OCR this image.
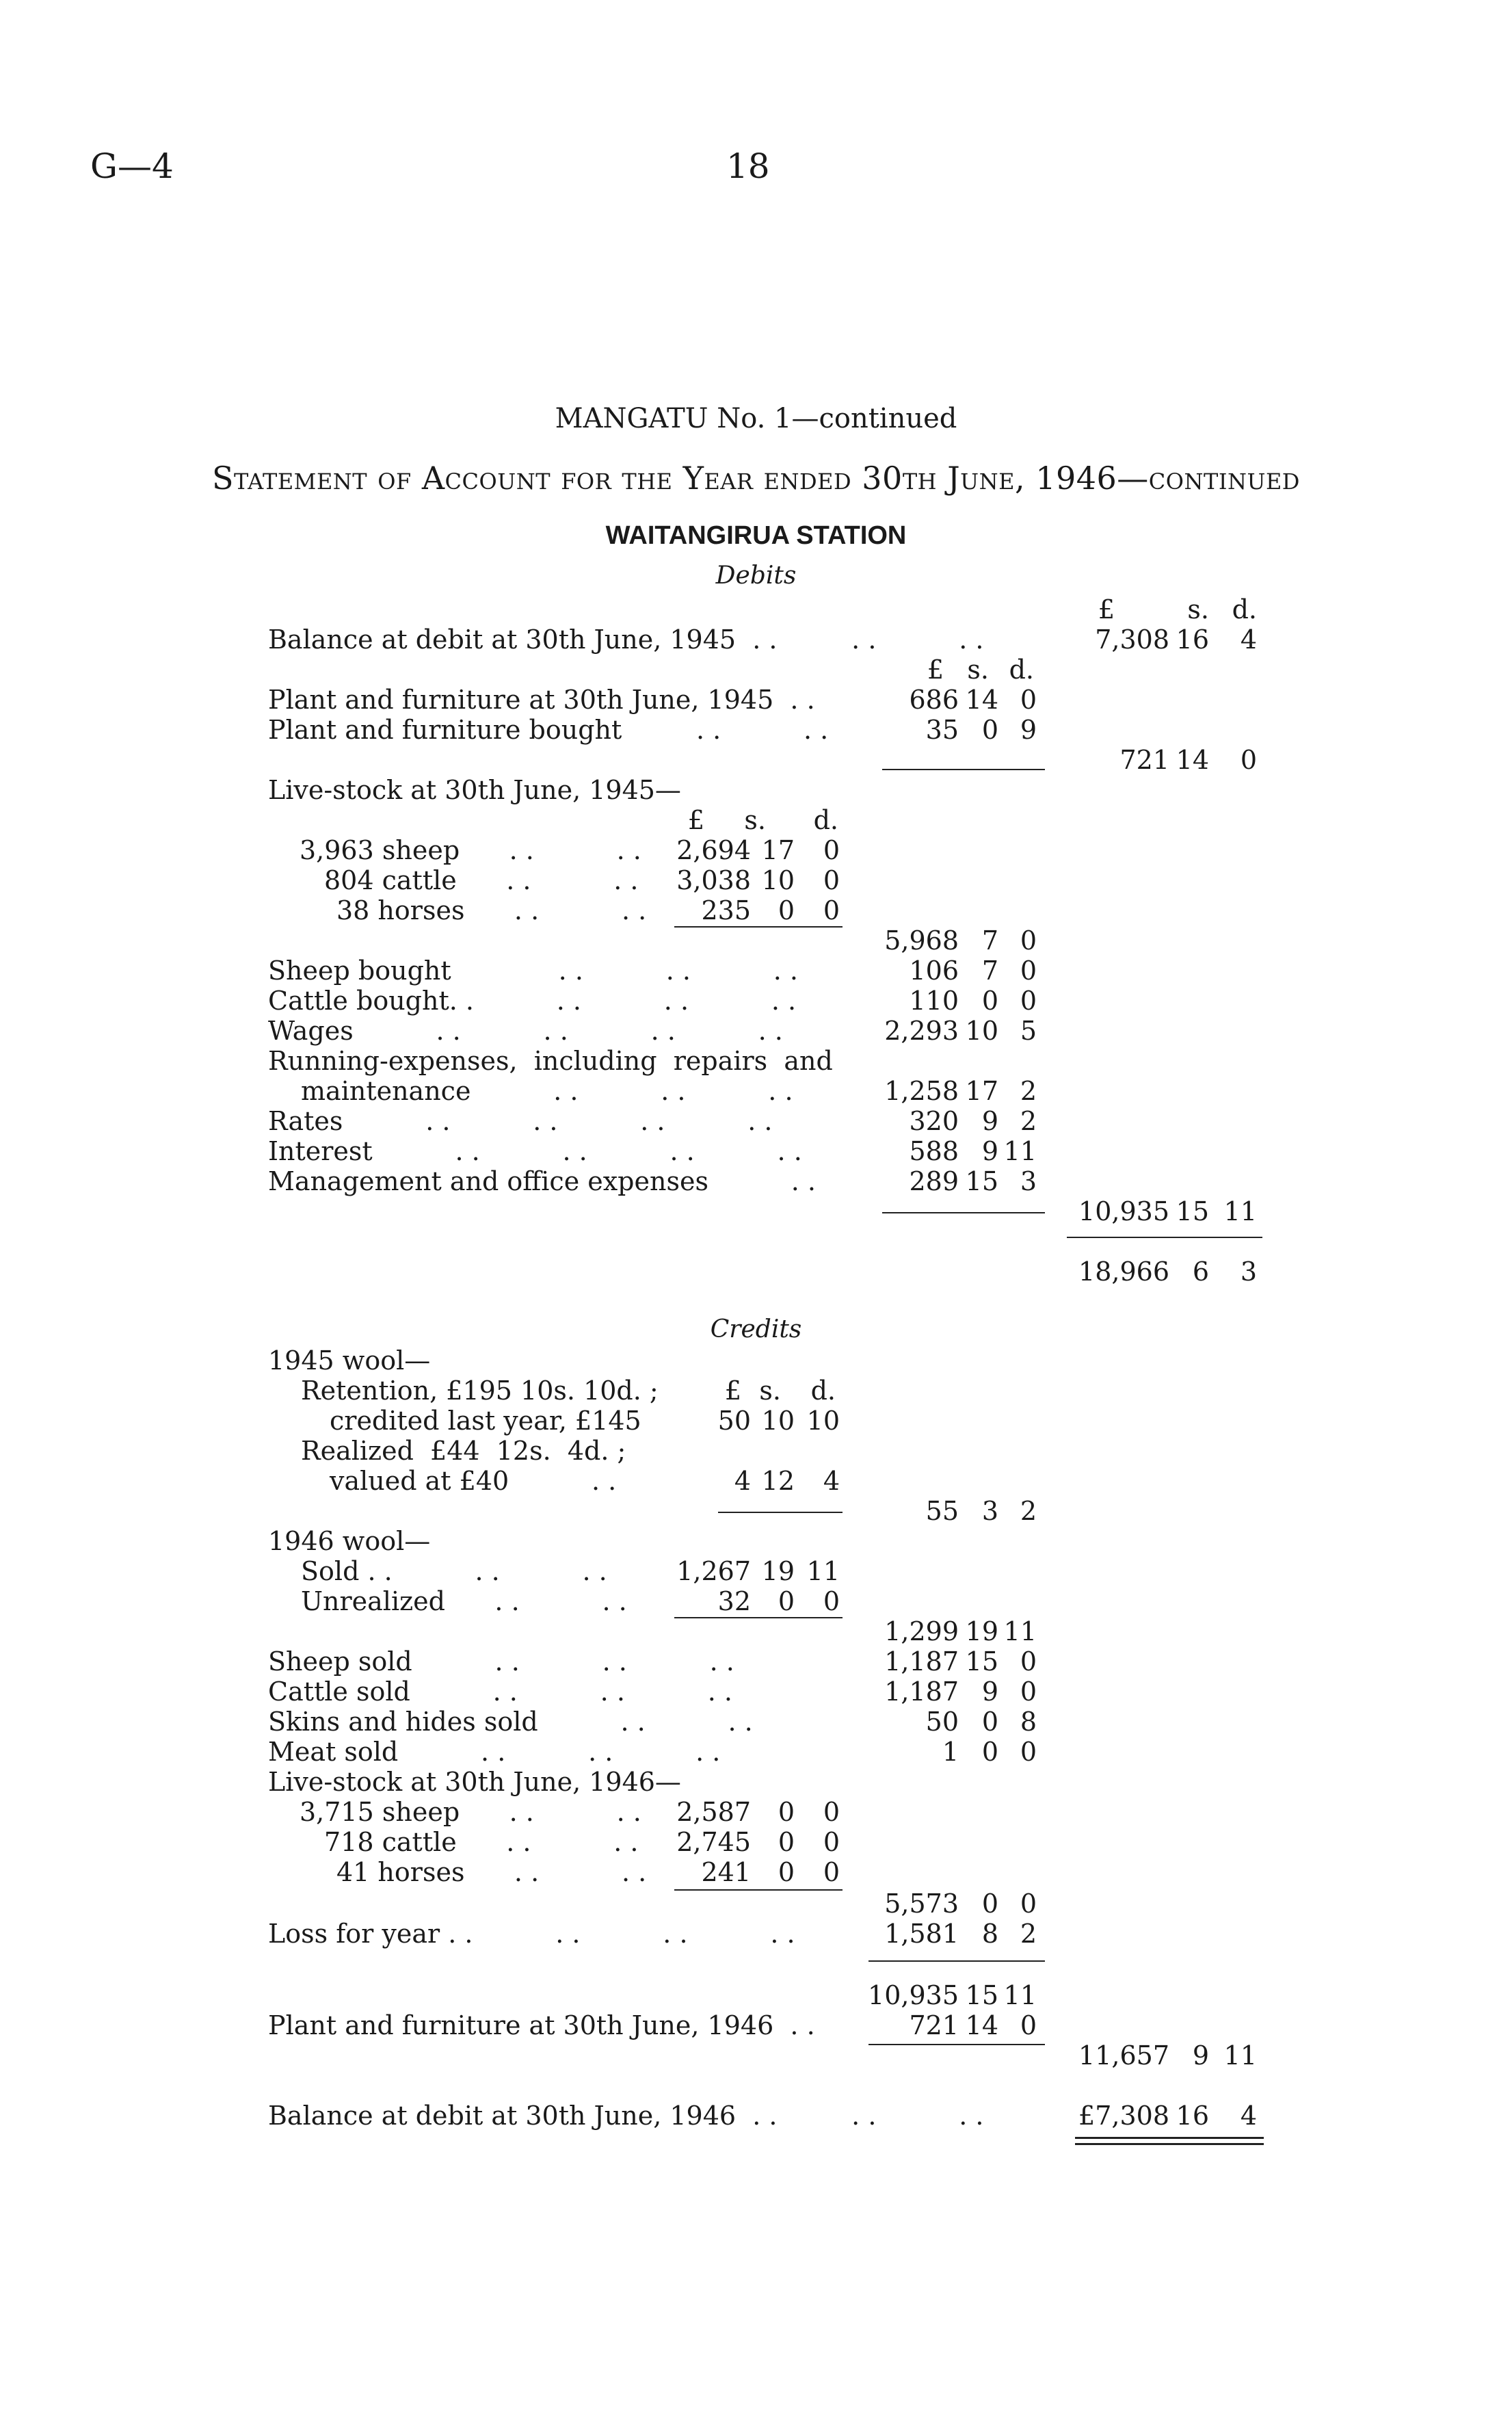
G—4	18
MANGATU No. 1—continued
Statement of Account for the Year ended 30th June, 1946—continued
WAITANGIRUA STATION
Debits
£	s. d.
Balance at debit at 30th June, 1945  . .         . .          . .	7,308 16	4
£ s. d.
Plant and furniture at 30th June, 1945  . .	686 14 0
Plant and furniture bought         . .          . .	35 0 9
721 14	0
Live-stock at 30th June, 1945—
£	s.	d.
3,963 sheep      . .          . .	2,694 17	0
804 cattle      . .          . .	3,038 10	0
38 horses      . .          . .	235	0	0
5,968 7 0
Sheep bought             . .          . .          . .	106 7 0
Cattle bought. .          . .          . .          . .	110 0 0
Wages          . .          . .          . .          . .	2,293 10 5
Running-expenses,  including  repairs  and
maintenance          . .          . .          . .	1,258 17 2
Rates          . .          . .          . .          . .	320 9 2
Interest          . .          . .          . .          . .	588 9 11
Management and office expenses          . .	289 15 3
10,935 15 11
18,966 6	3
Credits
1945 wool—
Retention, £195 10s. 10d. ;	£ s.	d.
credited last year, £145	50 10 10
Realized  £44  12s.  4d. ;
valued at £40          . .	4 12	4
55 3 2
1946 wool—
Sold . .          . .          . .	1,267 19 11
Unrealized      . .          . .	32	0	0
1,299 19 11
Sheep sold          . .          . .          . .	1,187 15 0
Cattle sold          . .          . .          . .	1,187 9 0
Skins and hides sold          . .          . .	50 0 8
Meat sold          . .          . .          . .	1 0 0
Live-stock at 30th June, 1946—
3,715 sheep      . .          . .	2,587	0	0
718 cattle      . .          . .	2,745	0	0
41 horses      . .          . .	241	0	0
5,573 0 0
Loss for year . .          . .          . .          . .	1,581 8 2
10,935 15 11
Plant and furniture at 30th June, 1946  . .	721 14 0
11,657 9 11
Balance at debit at 30th June, 1946  . .         . .          . .	£7,308 16	4
